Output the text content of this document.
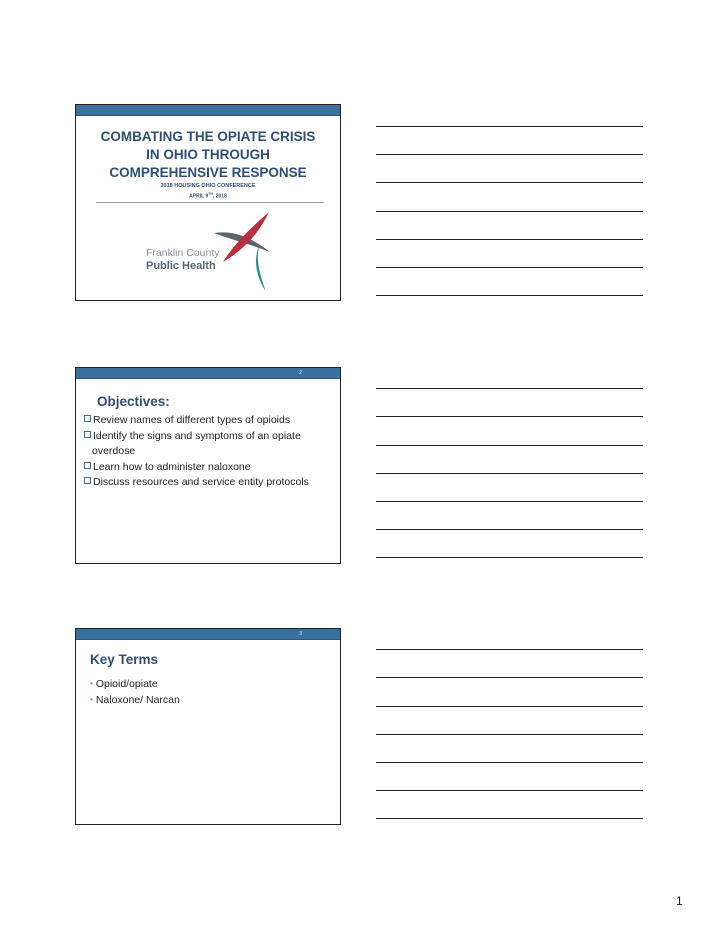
COMBATING THE OPIATE CRISIS
IN OHIO THROUGH
COMPREHENSIVE RESPONSE
2018 HOUSING OHIO CONFERENCE
APRIL 9TH, 2018
Franklin County
Public Health
2
Objectives:
Review names of different types of opioids
Identify the signs and symptoms of an opiate overdose
Learn how to administer naloxone
Discuss resources and service entity protocols
3
Key Terms
• Opioid/opiate
• Naloxone/ Narcan
1
